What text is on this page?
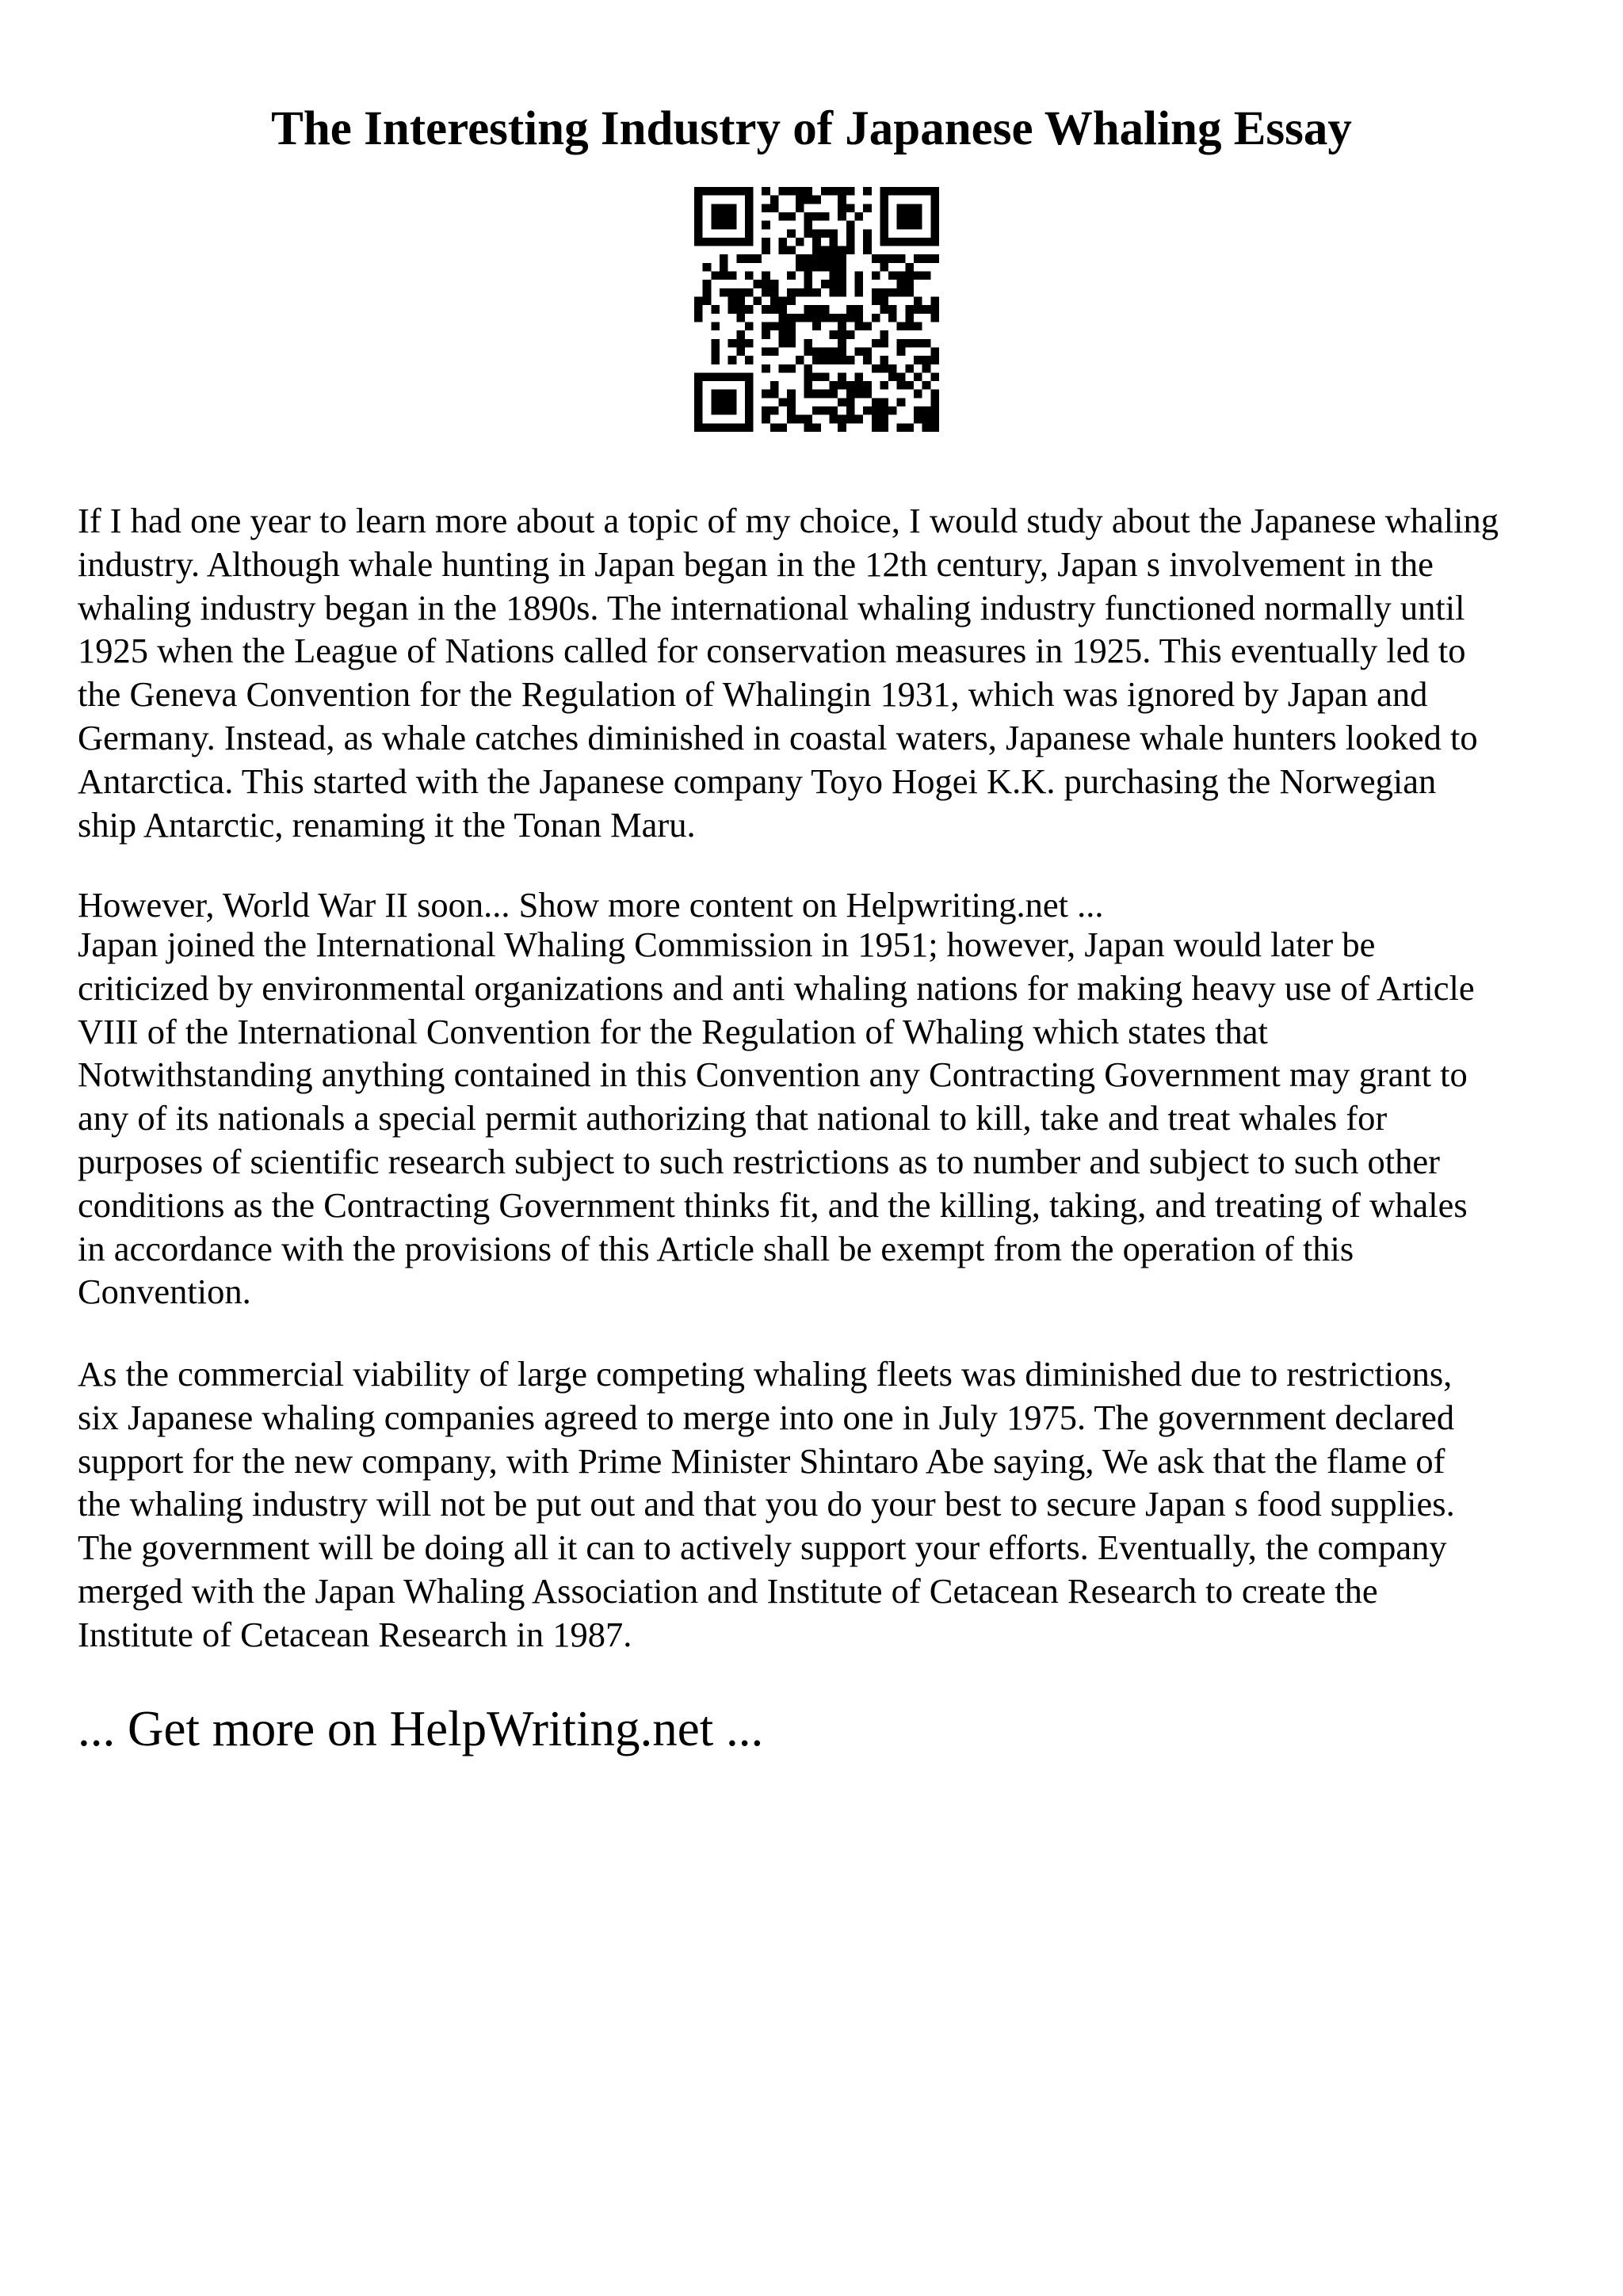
The Interesting Industry of Japanese Whaling Essay

If I had one year to learn more about a topic of my choice, I would study about the Japanese whaling
industry. Although whale hunting in Japan began in the 12th century, Japan s involvement in the
whaling industry began in the 1890s. The international whaling industry functioned normally until
1925 when the League of Nations called for conservation measures in 1925. This eventually led to
the Geneva Convention for the Regulation of Whalingin 1931, which was ignored by Japan and
Germany. Instead, as whale catches diminished in coastal waters, Japanese whale hunters looked to
Antarctica. This started with the Japanese company Toyo Hogei K.K. purchasing the Norwegian
ship Antarctic, renaming it the Tonan Maru.

However, World War II soon... Show more content on Helpwriting.net ...

Japan joined the International Whaling Commission in 1951; however, Japan would later be
criticized by environmental organizations and anti whaling nations for making heavy use of Article
VIII of the International Convention for the Regulation of Whaling which states that
Notwithstanding anything contained in this Convention any Contracting Government may grant to
any of its nationals a special permit authorizing that national to kill, take and treat whales for
purposes of scientific research subject to such restrictions as to number and subject to such other
conditions as the Contracting Government thinks fit, and the killing, taking, and treating of whales
in accordance with the provisions of this Article shall be exempt from the operation of this
Convention.

As the commercial viability of large competing whaling fleets was diminished due to restrictions,
six Japanese whaling companies agreed to merge into one in July 1975. The government declared
support for the new company, with Prime Minister Shintaro Abe saying, We ask that the flame of
the whaling industry will not be put out and that you do your best to secure Japan s food supplies.
The government will be doing all it can to actively support your efforts. Eventually, the company
merged with the Japan Whaling Association and Institute of Cetacean Research to create the
Institute of Cetacean Research in 1987.

... Get more on HelpWriting.net ...
